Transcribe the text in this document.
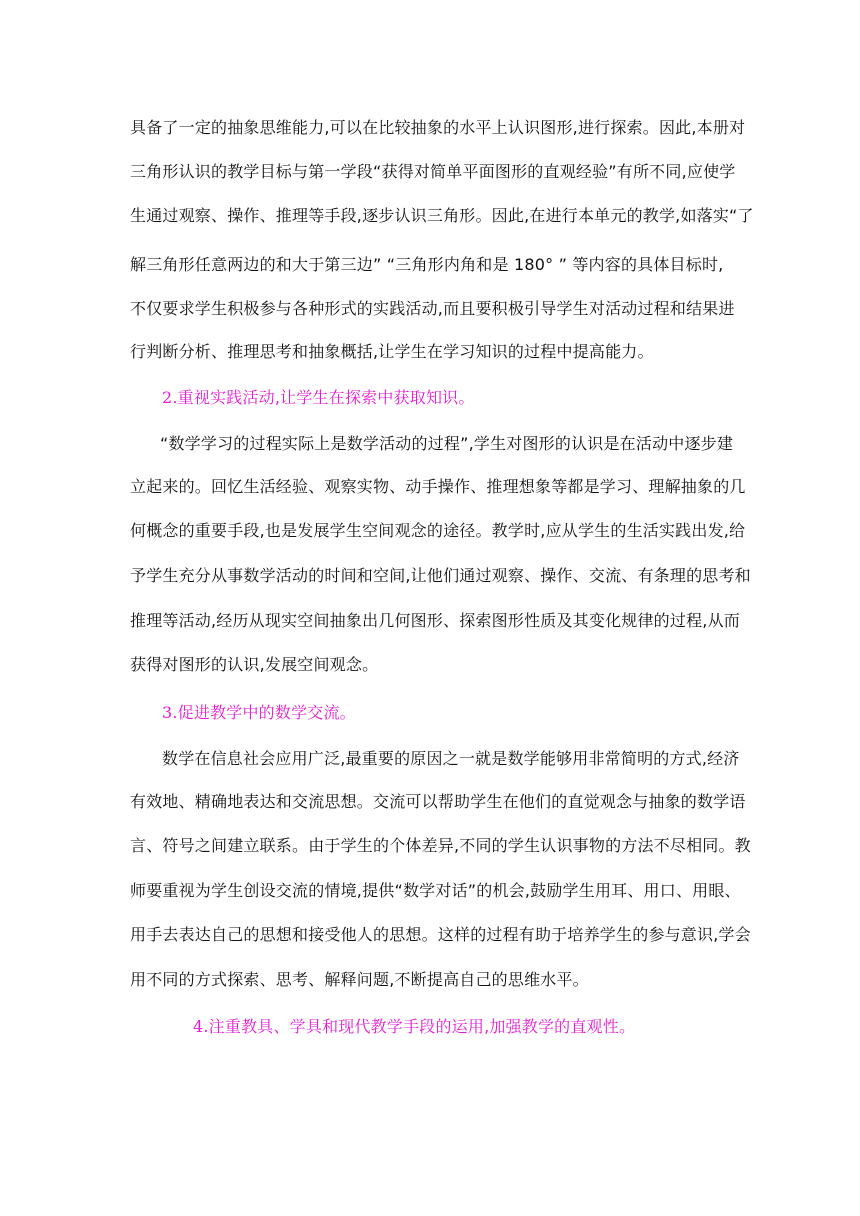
具备了一定的抽象思维能力,可以在比较抽象的水平上认识图形,进行探索。因此,本册对
三角形认识的教学目标与第一学段“获得对简单平面图形的直观经验”有所不同,应使学
生通过观察、操作、推理等手段,逐步认识三角形。因此,在进行本单元的教学,如落实“了
解三角形任意两边的和大于第三边” “三角形内角和是 180° ” 等内容的具体目标时,
不仅要求学生积极参与各种形式的实践活动,而且要积极引导学生对活动过程和结果进
行判断分析、推理思考和抽象概括,让学生在学习知识的过程中提高能力。
2.重视实践活动,让学生在探索中获取知识。
“数学学习的过程实际上是数学活动的过程”,学生对图形的认识是在活动中逐步建
立起来的。回忆生活经验、观察实物、动手操作、推理想象等都是学习、理解抽象的几
何概念的重要手段,也是发展学生空间观念的途径。教学时,应从学生的生活实践出发,给
予学生充分从事数学活动的时间和空间,让他们通过观察、操作、交流、有条理的思考和
推理等活动,经历从现实空间抽象出几何图形、探索图形性质及其变化规律的过程,从而
获得对图形的认识,发展空间观念。
3.促进教学中的数学交流。
数学在信息社会应用广泛,最重要的原因之一就是数学能够用非常简明的方式,经济
有效地、精确地表达和交流思想。交流可以帮助学生在他们的直觉观念与抽象的数学语
言、符号之间建立联系。由于学生的个体差异,不同的学生认识事物的方法不尽相同。教
师要重视为学生创设交流的情境,提供“数学对话”的机会,鼓励学生用耳、用口、用眼、
用手去表达自己的思想和接受他人的思想。这样的过程有助于培养学生的参与意识,学会
用不同的方式探索、思考、解释问题,不断提高自己的思维水平。
4.注重教具、学具和现代教学手段的运用,加强教学的直观性。
